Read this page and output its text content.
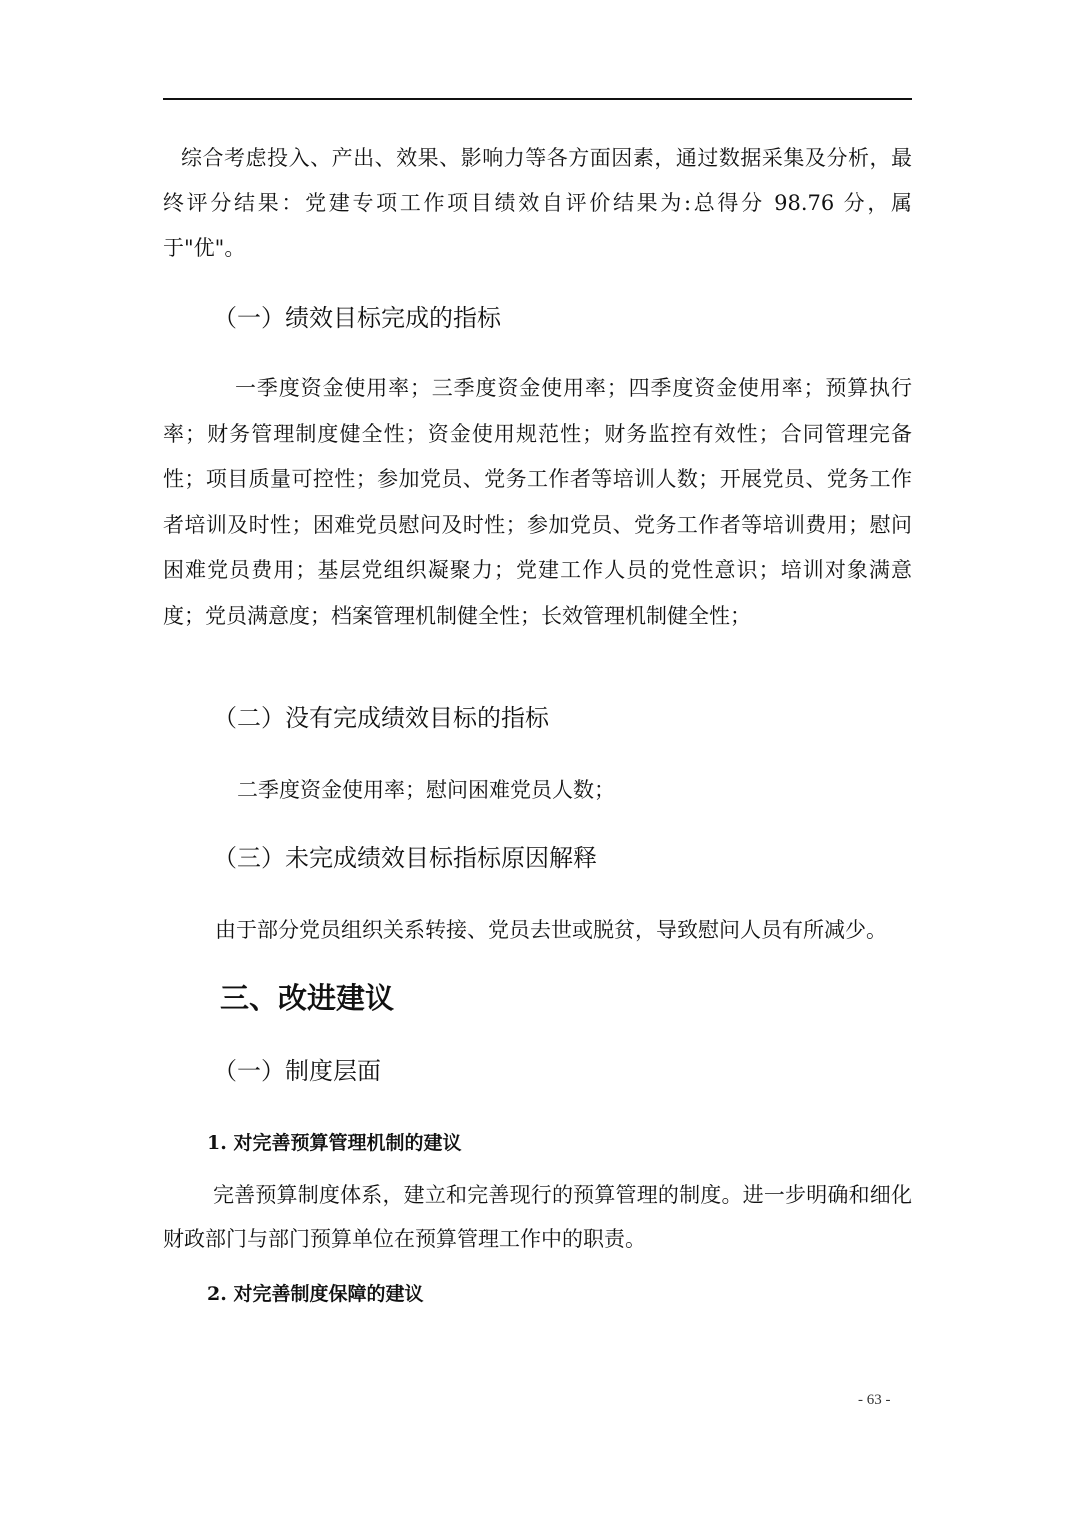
综合考虑投入、产出、效果、影响力等各方面因素，通过数据采集及分析，最终评分结果：党建专项工作项目绩效自评价结果为:总得分 98.76 分，属于"优"。

（一）绩效目标完成的指标

一季度资金使用率；三季度资金使用率；四季度资金使用率；预算执行率；财务管理制度健全性；资金使用规范性；财务监控有效性；合同管理完备性；项目质量可控性；参加党员、党务工作者等培训人数；开展党员、党务工作者培训及时性；困难党员慰问及时性；参加党员、党务工作者等培训费用；慰问困难党员费用；基层党组织凝聚力；党建工作人员的党性意识；培训对象满意度；党员满意度；档案管理机制健全性；长效管理机制健全性；

（二）没有完成绩效目标的指标

二季度资金使用率；慰问困难党员人数；

（三）未完成绩效目标指标原因解释

由于部分党员组织关系转接、党员去世或脱贫，导致慰问人员有所减少。

三、改进建议
（一）制度层面
1. 对完善预算管理机制的建议

完善预算制度体系，建立和完善现行的预算管理的制度。进一步明确和细化财政部门与部门预算单位在预算管理工作中的职责。

2. 对完善制度保障的建议
- 63 -
